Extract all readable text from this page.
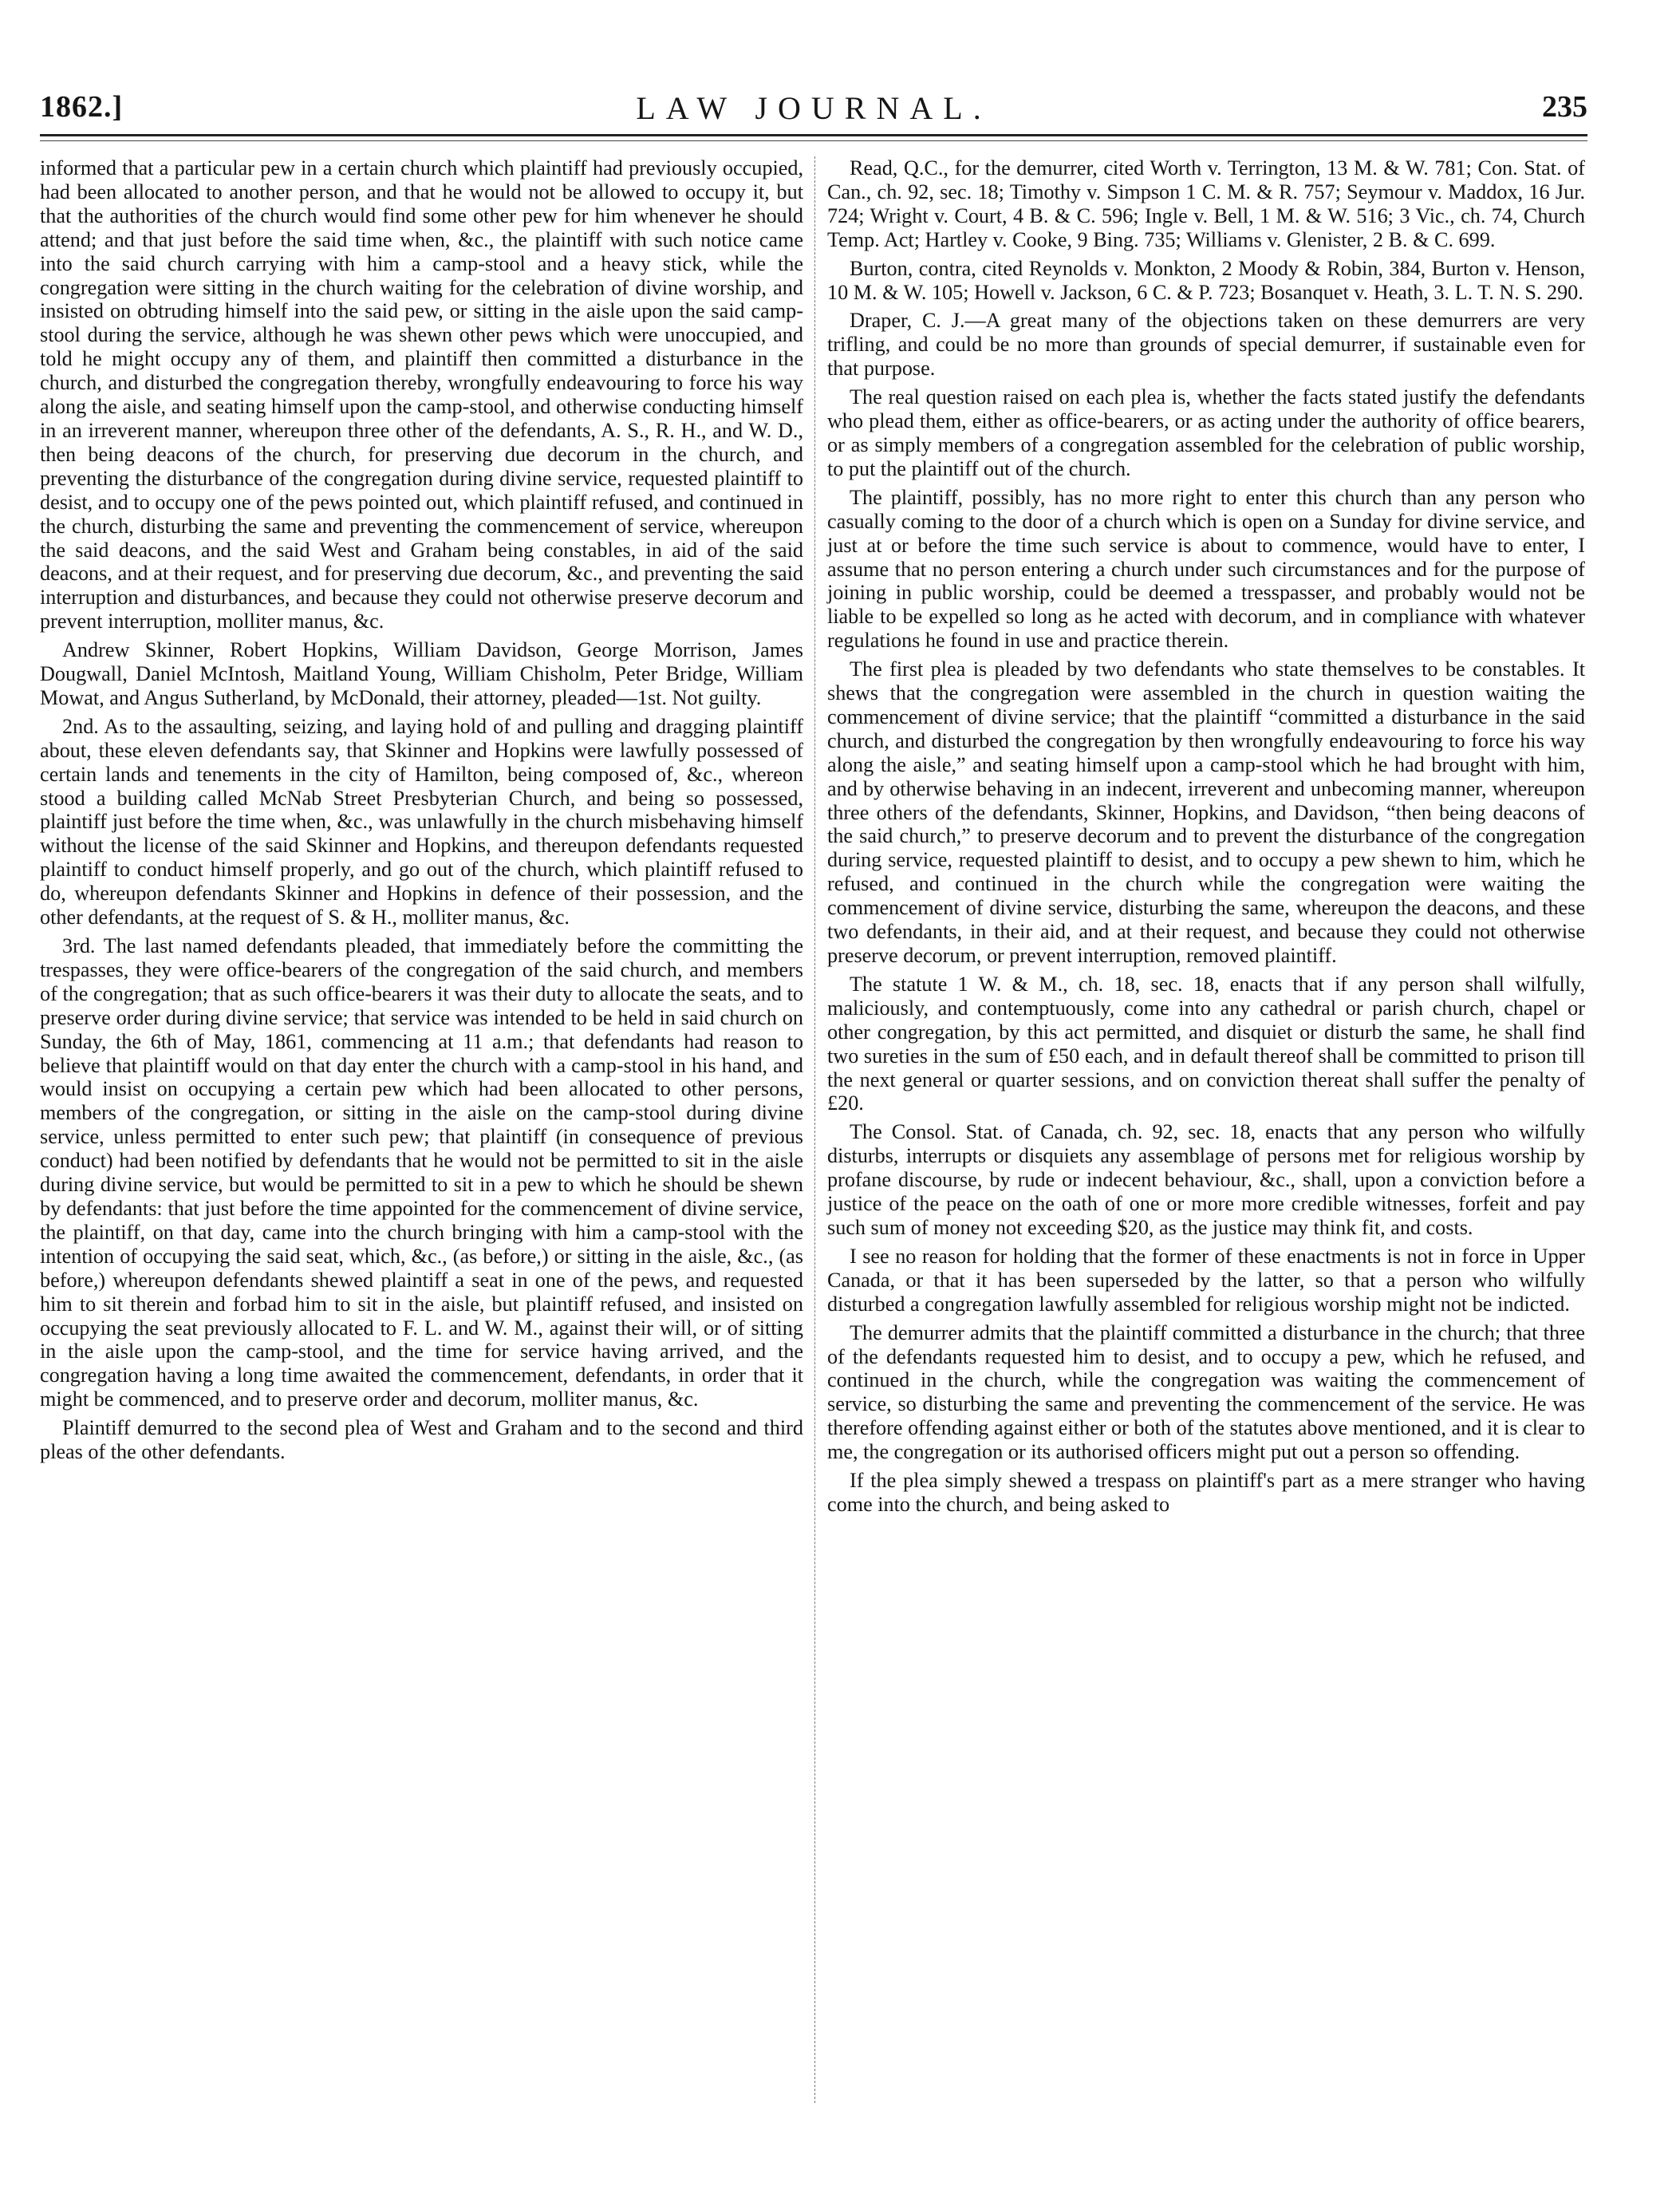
1862.]	LAW JOURNAL.	235

informed that a particular pew in a certain church which plaintiff had previously occupied, had been allocated to another person, and that he would not be allowed to occupy it, but that the authorities of the church would find some other pew for him whenever he should attend; and that just before the said time when, &c., the plaintiff with such notice came into the said church carrying with him a camp-stool and a heavy stick, while the congregation were sitting in the church waiting for the celebration of divine worship, and insisted on obtruding himself into the said pew, or sitting in the aisle upon the said camp-stool during the service, although he was shewn other pews which were unoccupied, and told he might occupy any of them, and plaintiff then committed a disturbance in the church, and disturbed the congregation thereby, wrongfully endeavouring to force his way along the aisle, and seating himself upon the camp-stool, and otherwise conducting himself in an irreverent manner, whereupon three other of the defendants, A. S., R. H., and W. D., then being deacons of the church, for preserving due decorum in the church, and preventing the disturbance of the congregation during divine service, requested plaintiff to desist, and to occupy one of the pews pointed out, which plaintiff refused, and continued in the church, disturbing the same and preventing the commencement of service, whereupon the said deacons, and the said West and Graham being constables, in aid of the said deacons, and at their request, and for preserving due decorum, &c., and preventing the said interruption and disturbances, and because they could not otherwise preserve decorum and prevent interruption, molliter manus, &c.

Andrew Skinner, Robert Hopkins, William Davidson, George Morrison, James Dougwall, Daniel McIntosh, Maitland Young, William Chisholm, Peter Bridge, William Mowat, and Angus Sutherland, by McDonald, their attorney, pleaded—1st. Not guilty.

2nd. As to the assaulting, seizing, and laying hold of and pulling and dragging plaintiff about, these eleven defendants say, that Skinner and Hopkins were lawfully possessed of certain lands and tenements in the city of Hamilton, being composed of, &c., whereon stood a building called McNab Street Presbyterian Church, and being so possessed, plaintiff just before the time when, &c., was unlawfully in the church misbehaving himself without the license of the said Skinner and Hopkins, and thereupon defendants requested plaintiff to conduct himself properly, and go out of the church, which plaintiff refused to do, whereupon defendants Skinner and Hopkins in defence of their possession, and the other defendants, at the request of S. & H., molliter manus, &c.

3rd. The last named defendants pleaded, that immediately before the committing the trespasses, they were office-bearers of the congregation of the said church, and members of the congregation; that as such office-bearers it was their duty to allocate the seats, and to preserve order during divine service; that service was intended to be held in said church on Sunday, the 6th of May, 1861, commencing at 11 a.m.; that defendants had reason to believe that plaintiff would on that day enter the church with a camp-stool in his hand, and would insist on occupying a certain pew which had been allocated to other persons, members of the congregation, or sitting in the aisle on the camp-stool during divine service, unless permitted to enter such pew; that plaintiff (in consequence of previous conduct) had been notified by defendants that he would not be permitted to sit in the aisle during divine service, but would be permitted to sit in a pew to which he should be shewn by defendants: that just before the time appointed for the commencement of divine service, the plaintiff, on that day, came into the church bringing with him a camp-stool with the intention of occupying the said seat, which, &c., (as before,) or sitting in the aisle, &c., (as before,) whereupon defendants shewed plaintiff a seat in one of the pews, and requested him to sit therein and forbad him to sit in the aisle, but plaintiff refused, and insisted on occupying the seat previously allocated to F. L. and W. M., against their will, or of sitting in the aisle upon the camp-stool, and the time for service having arrived, and the congregation having a long time awaited the commencement, defendants, in order that it might be commenced, and to preserve order and decorum, molliter manus, &c.

Plaintiff demurred to the second plea of West and Graham and to the second and third pleas of the other defendants.

Read, Q.C., for the demurrer, cited Worth v. Terrington, 13 M. & W. 781; Con. Stat. of Can., ch. 92, sec. 18; Timothy v. Simpson 1 C. M. & R. 757; Seymour v. Maddox, 16 Jur. 724; Wright v. Court, 4 B. & C. 596; Ingle v. Bell, 1 M. & W. 516; 3 Vic., ch. 74, Church Temp. Act; Hartley v. Cooke, 9 Bing. 735; Williams v. Glenister, 2 B. & C. 699.

Burton, contra, cited Reynolds v. Monkton, 2 Moody & Robin, 384, Burton v. Henson, 10 M. & W. 105; Howell v. Jackson, 6 C. & P. 723; Bosanquet v. Heath, 3. L. T. N. S. 290.

Draper, C. J.—A great many of the objections taken on these demurrers are very trifling, and could be no more than grounds of special demurrer, if sustainable even for that purpose.

The real question raised on each plea is, whether the facts stated justify the defendants who plead them, either as office-bearers, or as acting under the authority of office bearers, or as simply members of a congregation assembled for the celebration of public worship, to put the plaintiff out of the church.

The plaintiff, possibly, has no more right to enter this church than any person who casually coming to the door of a church which is open on a Sunday for divine service, and just at or before the time such service is about to commence, would have to enter, I assume that no person entering a church under such circumstances and for the purpose of joining in public worship, could be deemed a tresspasser, and probably would not be liable to be expelled so long as he acted with decorum, and in compliance with whatever regulations he found in use and practice therein.

The first plea is pleaded by two defendants who state themselves to be constables. It shews that the congregation were assembled in the church in question waiting the commencement of divine service; that the plaintiff “committed a disturbance in the said church, and disturbed the congregation by then wrongfully endeavouring to force his way along the aisle,” and seating himself upon a camp-stool which he had brought with him, and by otherwise behaving in an indecent, irreverent and unbecoming manner, whereupon three others of the defendants, Skinner, Hopkins, and Davidson, “then being deacons of the said church,” to preserve decorum and to prevent the disturbance of the congregation during service, requested plaintiff to desist, and to occupy a pew shewn to him, which he refused, and continued in the church while the congregation were waiting the commencement of divine service, disturbing the same, whereupon the deacons, and these two defendants, in their aid, and at their request, and because they could not otherwise preserve decorum, or prevent interruption, removed plaintiff.

The statute 1 W. & M., ch. 18, sec. 18, enacts that if any person shall wilfully, maliciously, and contemptuously, come into any cathedral or parish church, chapel or other congregation, by this act permitted, and disquiet or disturb the same, he shall find two sureties in the sum of £50 each, and in default thereof shall be committed to prison till the next general or quarter sessions, and on conviction thereat shall suffer the penalty of £20.

The Consol. Stat. of Canada, ch. 92, sec. 18, enacts that any person who wilfully disturbs, interrupts or disquiets any assemblage of persons met for religious worship by profane discourse, by rude or indecent behaviour, &c., shall, upon a conviction before a justice of the peace on the oath of one or more more credible witnesses, forfeit and pay such sum of money not exceeding $20, as the justice may think fit, and costs.

I see no reason for holding that the former of these enactments is not in force in Upper Canada, or that it has been superseded by the latter, so that a person who wilfully disturbed a congregation lawfully assembled for religious worship might not be indicted.

The demurrer admits that the plaintiff committed a disturbance in the church; that three of the defendants requested him to desist, and to occupy a pew, which he refused, and continued in the church, while the congregation was waiting the commencement of service, so disturbing the same and preventing the commencement of the service. He was therefore offending against either or both of the statutes above mentioned, and it is clear to me, the congregation or its authorised officers might put out a person so offending.

If the plea simply shewed a trespass on plaintiff's part as a mere stranger who having come into the church, and being asked to
